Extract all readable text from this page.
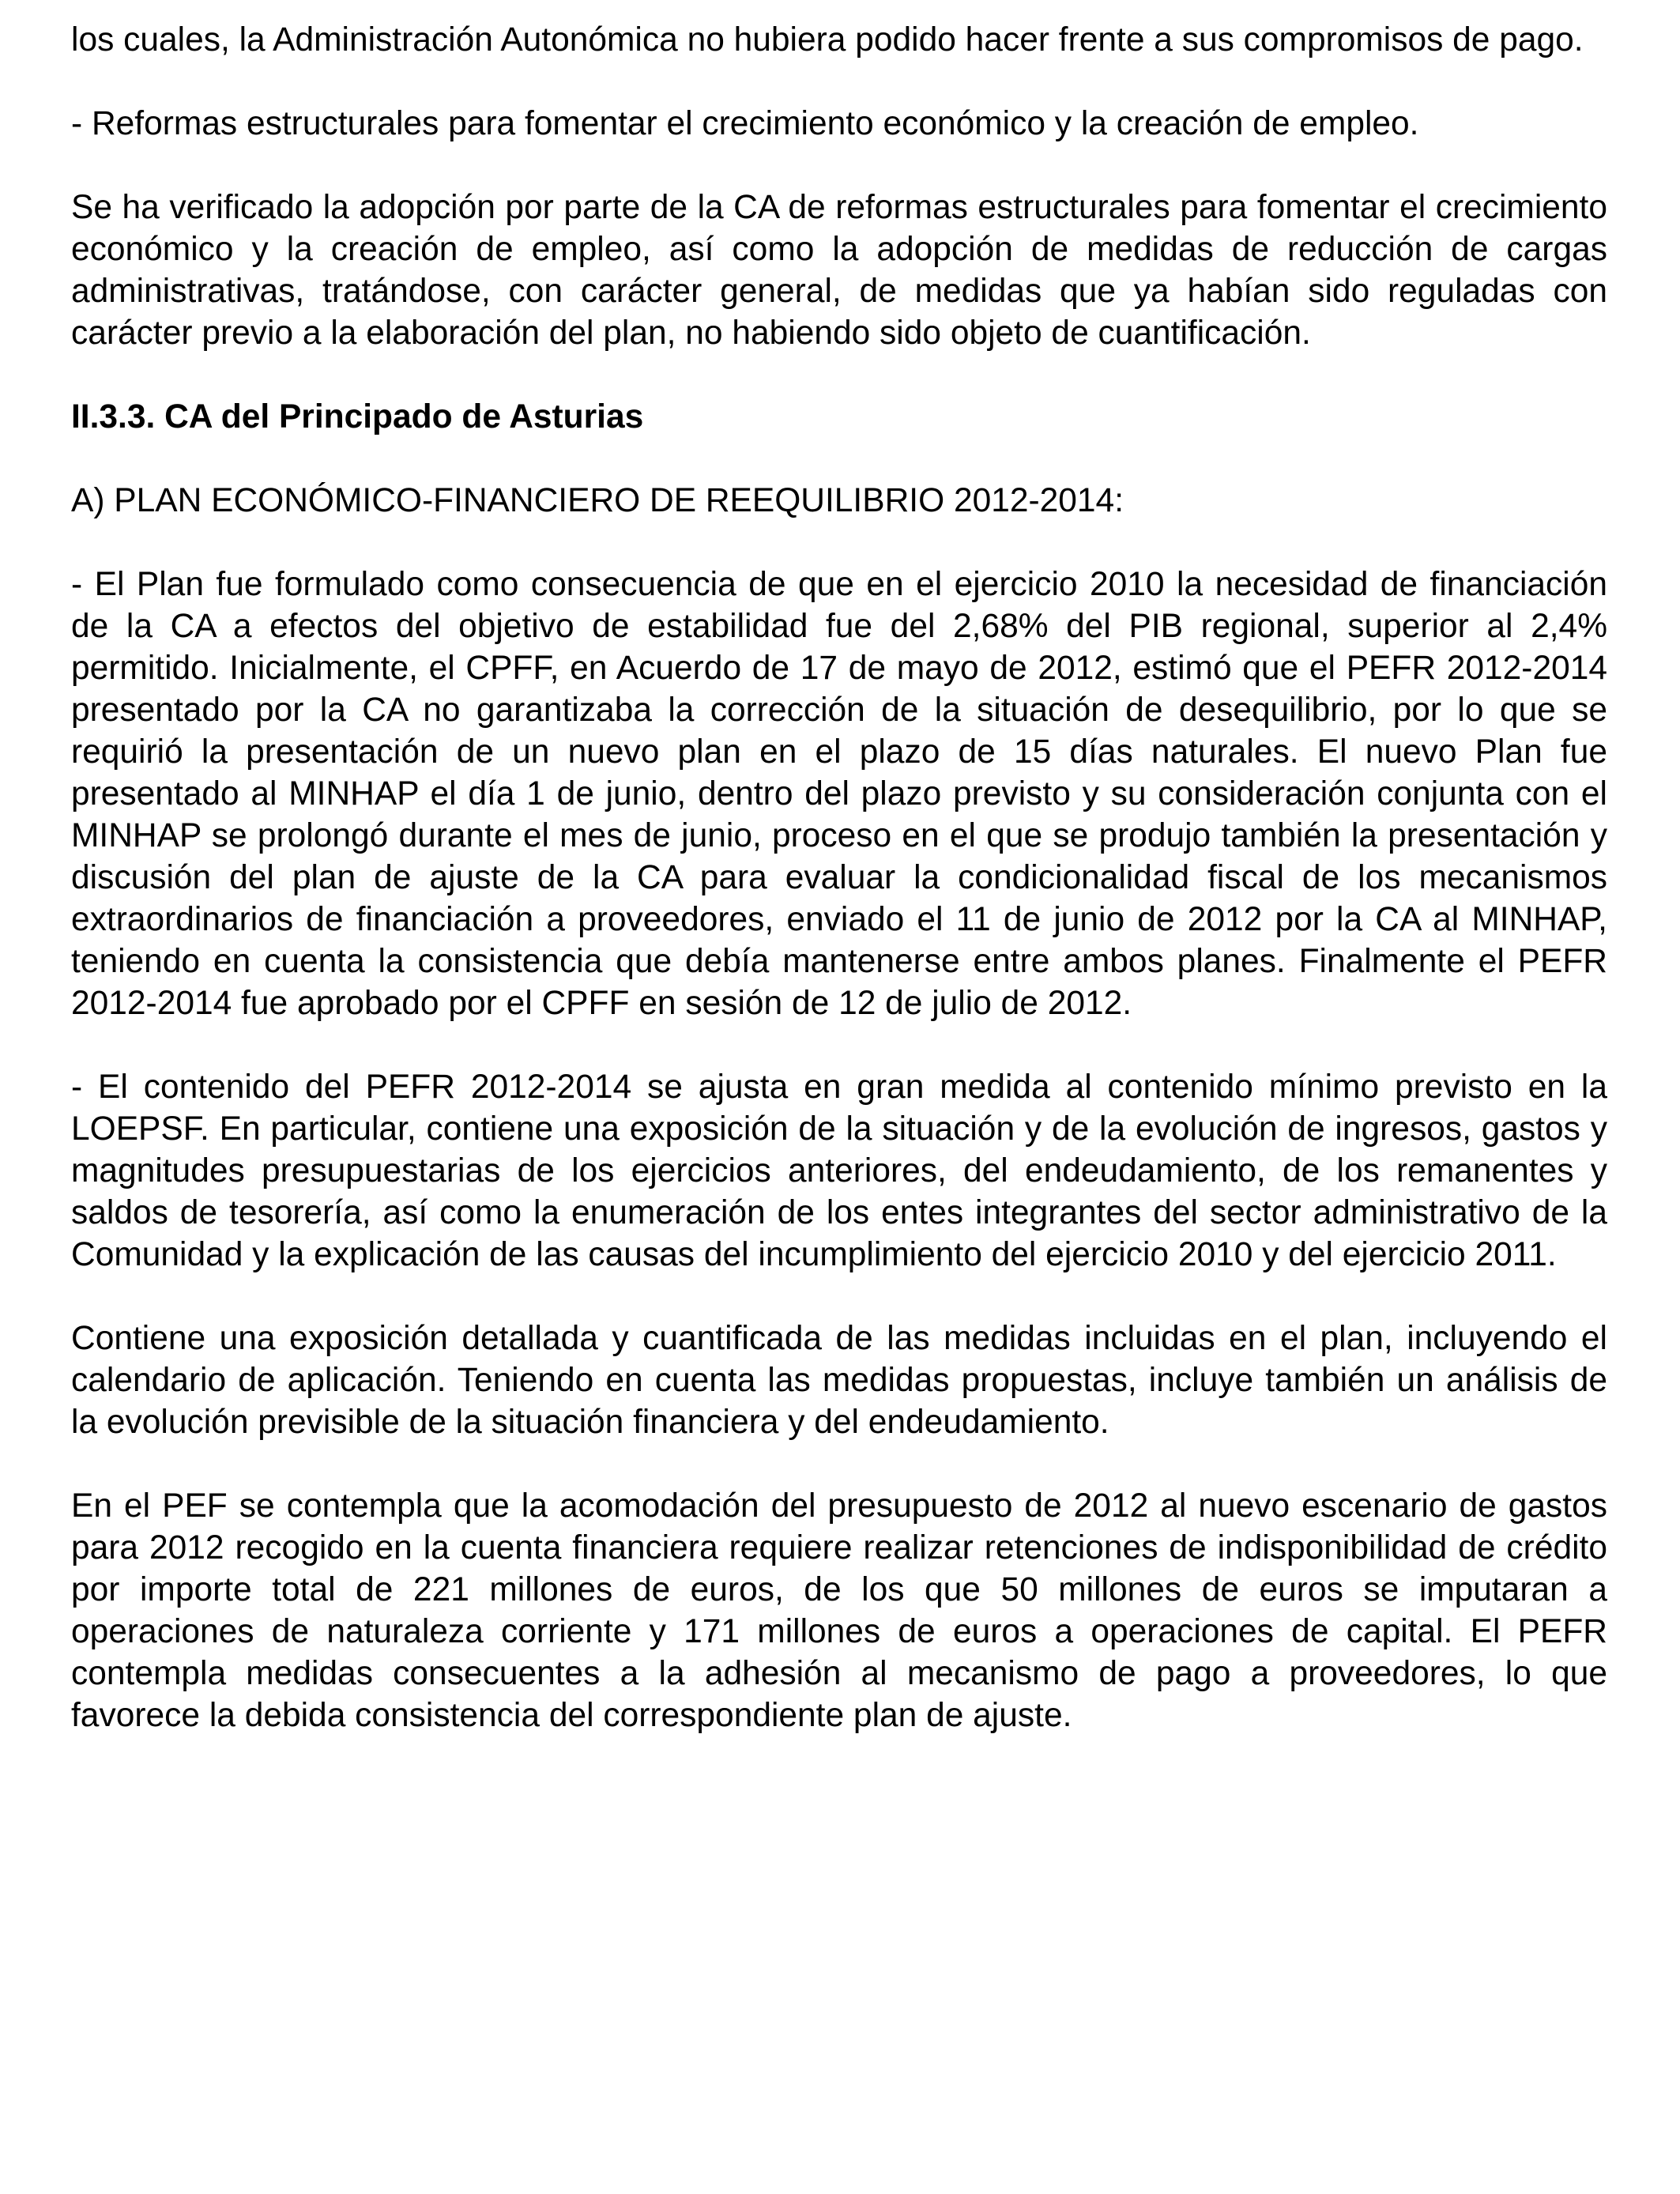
los cuales, la Administración Autonómica no hubiera podido hacer frente a sus compromisos de pago.

- Reformas estructurales para fomentar el crecimiento económico y la creación de empleo.

Se ha verificado la adopción por parte de la CA de reformas estructurales para fomentar el crecimiento económico y la creación de empleo, así como la adopción de medidas de reducción de cargas administrativas, tratándose, con carácter general, de medidas que ya habían sido reguladas con carácter previo a la elaboración del plan, no habiendo sido objeto de cuantificación.

II.3.3. CA del Principado de Asturias

A) PLAN ECONÓMICO-FINANCIERO DE REEQUILIBRIO 2012-2014:

- El Plan fue formulado como consecuencia de que en el ejercicio 2010 la necesidad de financiación de la CA a efectos del objetivo de estabilidad fue del 2,68% del PIB regional, superior al 2,4% permitido. Inicialmente, el CPFF, en Acuerdo de 17 de mayo de 2012, estimó que el PEFR 2012-2014 presentado por la CA no garantizaba la corrección de la situación de desequilibrio, por lo que se requirió la presentación de un nuevo plan en el plazo de 15 días naturales. El nuevo Plan fue presentado al MINHAP el día 1 de junio, dentro del plazo previsto y su consideración conjunta con el MINHAP se prolongó durante el mes de junio, proceso en el que se produjo también la presentación y discusión del plan de ajuste de la CA para evaluar la condicionalidad fiscal de los mecanismos extraordinarios de financiación a proveedores, enviado el 11 de junio de 2012 por la CA al MINHAP, teniendo en cuenta la consistencia que debía mantenerse entre ambos planes. Finalmente el PEFR 2012-2014 fue aprobado por el CPFF en sesión de 12 de julio de 2012.

- El contenido del PEFR 2012-2014 se ajusta en gran medida al contenido mínimo previsto en la LOEPSF. En particular, contiene una exposición de la situación y de la evolución de ingresos, gastos y magnitudes presupuestarias de los ejercicios anteriores, del endeudamiento, de los remanentes y saldos de tesorería, así como la enumeración de los entes integrantes del sector administrativo de la Comunidad y la explicación de las causas del incumplimiento del ejercicio 2010 y del ejercicio 2011.

Contiene una exposición detallada y cuantificada de las medidas incluidas en el plan, incluyendo el calendario de aplicación. Teniendo en cuenta las medidas propuestas, incluye también un análisis de la evolución previsible de la situación financiera y del endeudamiento.

En el PEF se contempla que la acomodación del presupuesto de 2012 al nuevo escenario de gastos para 2012 recogido en la cuenta financiera requiere realizar retenciones de indisponibilidad de crédito por importe total de 221 millones de euros, de los que 50 millones de euros se imputaran a operaciones de naturaleza corriente y 171 millones de euros a operaciones de capital. El PEFR contempla medidas consecuentes a la adhesión al mecanismo de pago a proveedores, lo que favorece la debida consistencia del correspondiente plan de ajuste.
